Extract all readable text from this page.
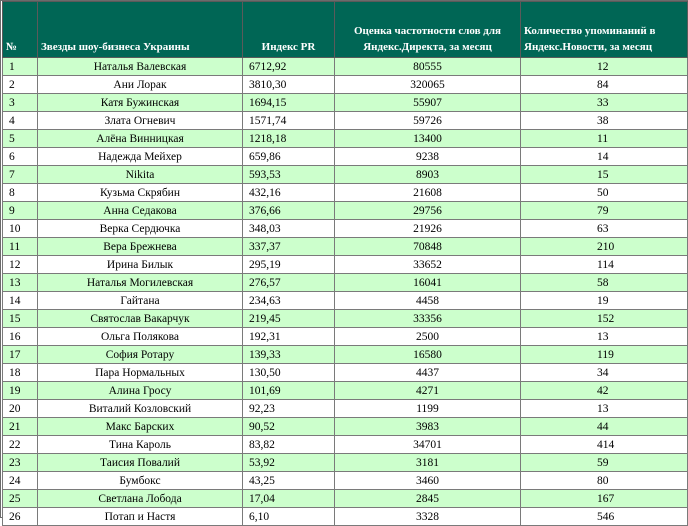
№	Звезды шоу-бизнеса Украины	Индекс PR	Оценка частотности слов для Яндекс.Директа, за месяц	Количество упоминаний в Яндекс.Новости, за месяц
1	Наталья Валевская	6712,92	80555	12
2	Ани Лорак	3810,30	320065	84
3	Катя Бужинская	1694,15	55907	33
4	Злата Огневич	1571,74	59726	38
5	Алёна Винницкая	1218,18	13400	11
6	Надежда Мейхер	659,86	9238	14
7	Nikita	593,53	8903	15
8	Кузьма Скрябин	432,16	21608	50
9	Анна Седакова	376,66	29756	79
10	Верка Сердючка	348,03	21926	63
11	Вера Брежнева	337,37	70848	210
12	Ирина Билык	295,19	33652	114
13	Наталья Могилевская	276,57	16041	58
14	Гайтана	234,63	4458	19
15	Святослав Вакарчук	219,45	33356	152
16	Ольга Полякова	192,31	2500	13
17	София Ротару	139,33	16580	119
18	Пара Нормальных	130,50	4437	34
19	Алина Гросу	101,69	4271	42
20	Виталий Козловский	92,23	1199	13
21	Макс Барских	90,52	3983	44
22	Тина Кароль	83,82	34701	414
23	Таисия Повалий	53,92	3181	59
24	Бумбокс	43,25	3460	80
25	Светлана Лобода	17,04	2845	167
26	Потап и Настя	6,10	3328	546
